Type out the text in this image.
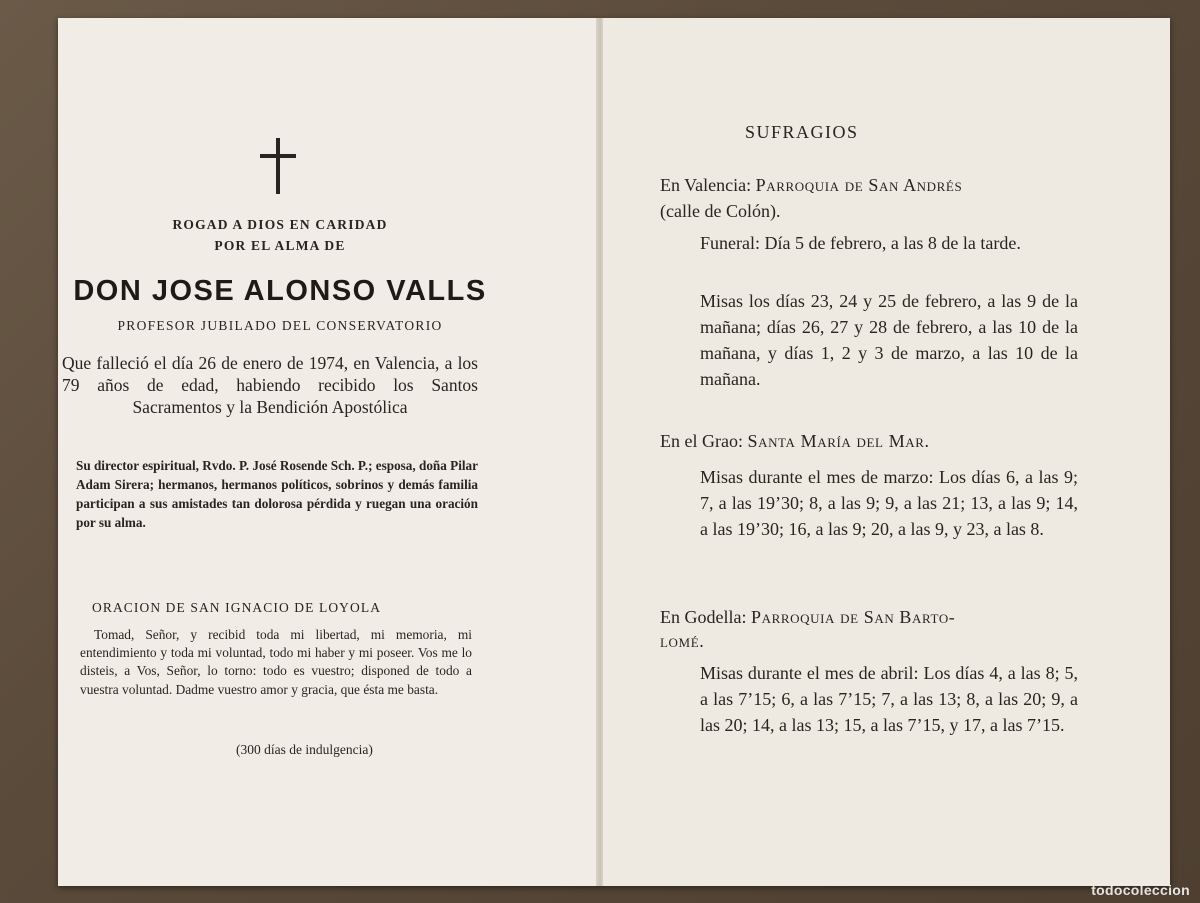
ROGAD A DIOS EN CARIDAD
POR EL ALMA DE
DON JOSE ALONSO VALLS
PROFESOR JUBILADO DEL CONSERVATORIO
Que falleció el día 26 de enero de 1974, en Valencia, a los 79 años de edad, habiendo recibido los Santos Sacramentos y la Bendición Apostólica
Su director espiritual, Rvdo. P. José Rosende Sch. P.; esposa, doña Pilar Adam Sirera; hermanos, hermanos políticos, sobrinos y demás familia participan a sus amistades tan dolorosa pérdida y ruegan una oración por su alma.
ORACION DE SAN IGNACIO DE LOYOLA
Tomad, Señor, y recibid toda mi libertad, mi memoria, mi entendimiento y toda mi voluntad, todo mi haber y mi poseer. Vos me lo disteis, a Vos, Señor, lo torno: todo es vuestro; disponed de todo a vuestra voluntad. Dadme vuestro amor y gracia, que ésta me basta.
(300 días de indulgencia)
SUFRAGIOS
En Valencia: Parroquia de San Andrés
(calle de Colón).
Funeral: Día 5 de febrero, a las 8 de la tarde.
Misas los días 23, 24 y 25 de febrero, a las 9 de la mañana; días 26, 27 y 28 de febrero, a las 10 de la mañana, y días 1, 2 y 3 de marzo, a las 10 de la mañana.
En el Grao: Santa María del Mar.
Misas durante el mes de marzo: Los días 6, a las 9; 7, a las 19’30; 8, a las 9; 9, a las 21; 13, a las 9; 14, a las 19’30; 16, a las 9; 20, a las 9, y 23, a las 8.
En Godella: Parroquia de San Barto-
lomé.
Misas durante el mes de abril: Los días 4, a las 8; 5, a las 7’15; 6, a las 7’15; 7, a las 13; 8, a las 20; 9, a las 20; 14, a las 13; 15, a las 7’15, y 17, a las 7’15.
todocoleccion
